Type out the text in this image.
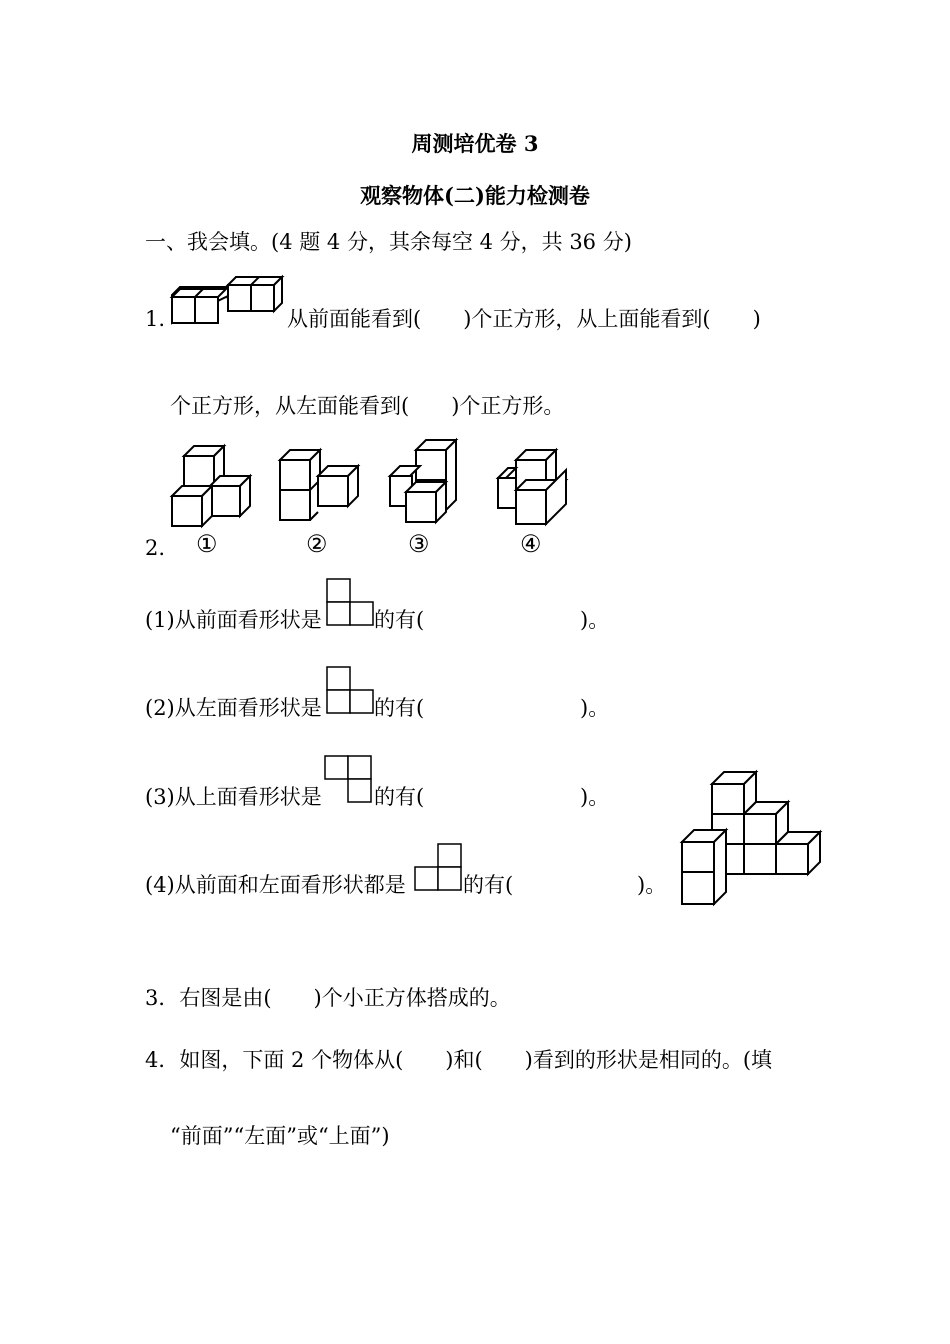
周测培优卷 3
观察物体(二)能力检测卷
一、我会填。(4 题 4 分，其余每空 4 分，共 36 分)
1.	从前面能看到(　　)个正方形，从上面能看到(　　)
个正方形，从左面能看到(　　)个正方形。
2. ①	②	③	④
(1)从前面看形状是 的有(	)。
(2)从左面看形状是 的有(	)。
(3)从上面看形状是 的有(	)。
(4)从前面和左面看形状都是	的有(	)。
3．右图是由(　　)个小正方体搭成的。
4．如图，下面 2 个物体从(　　)和(　　)看到的形状是相同的。(填
“前面”“左面”或“上面”)
